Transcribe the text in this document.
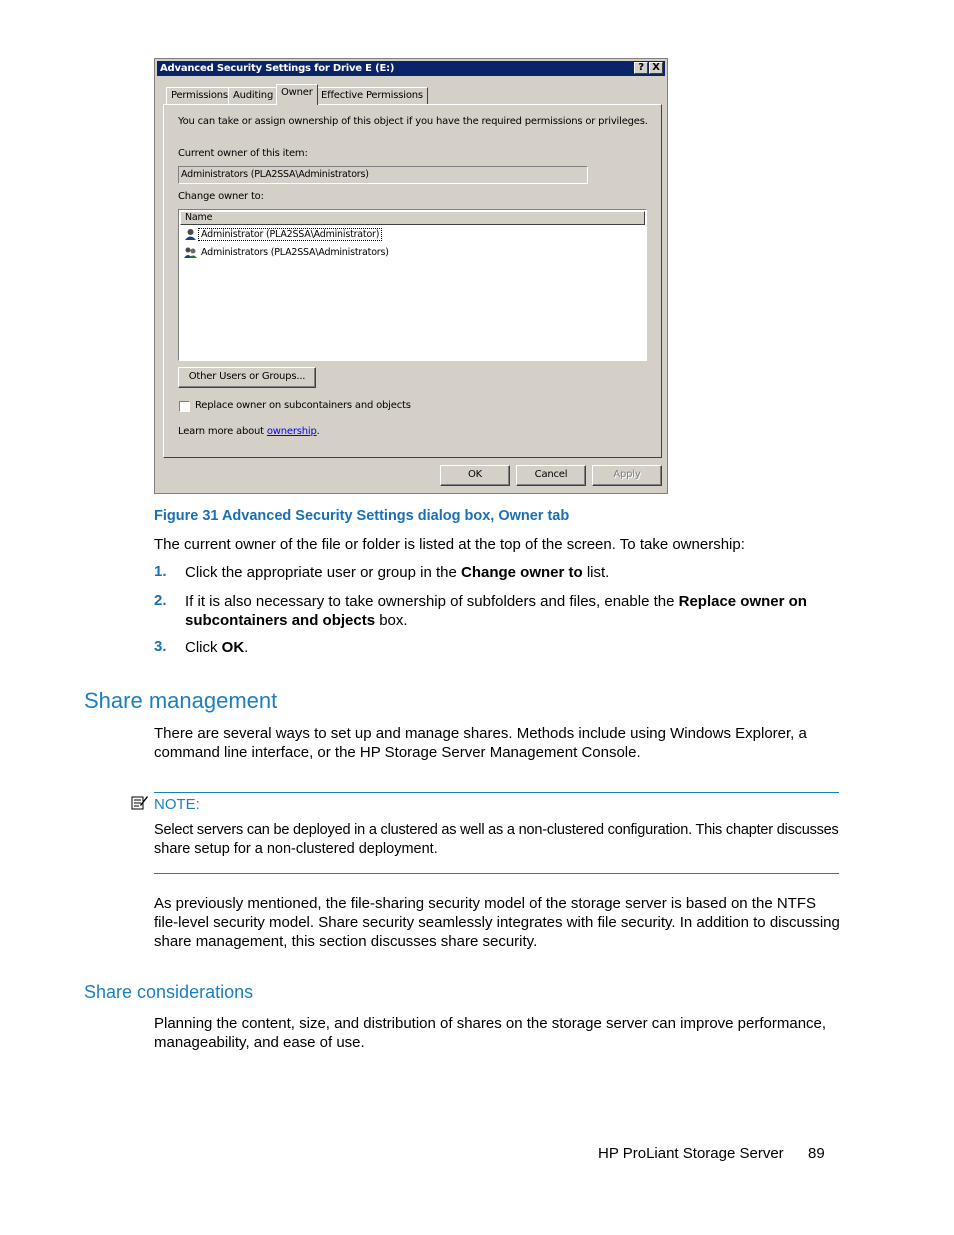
Advanced Security Settings for Drive E (E:)	? X
Permissions Auditing Owner Effective Permissions
You can take or assign ownership of this object if you have the required permissions or privileges.
Current owner of this item:
Administrators (PLA2SSA\Administrators)
Change owner to:
Name
Administrator (PLA2SSA\Administrator)
Administrators (PLA2SSA\Administrators)
Other Users or Groups...
Replace owner on subcontainers and objects
Learn more about ownership.
OK	Cancel	Apply
Figure 31 Advanced Security Settings dialog box, Owner tab
The current owner of the file or folder is listed at the top of the screen. To take ownership:
1. Click the appropriate user or group in the Change owner to list.
2. If it is also necessary to take ownership of subfolders and files, enable the Replace owner on
subcontainers and objects box.
3. Click OK.
Share management
There are several ways to set up and manage shares. Methods include using Windows Explorer, a
command line interface, or the HP Storage Server Management Console.
NOTE:
Select servers can be deployed in a clustered as well as a non-clustered configuration. This chapter discusses
share setup for a non-clustered deployment.
As previously mentioned, the file-sharing security model of the storage server is based on the NTFS
file-level security model. Share security seamlessly integrates with file security. In addition to discussing
share management, this section discusses share security.
Share considerations
Planning the content, size, and distribution of shares on the storage server can improve performance,
manageability, and ease of use.
HP ProLiant Storage Server 89
